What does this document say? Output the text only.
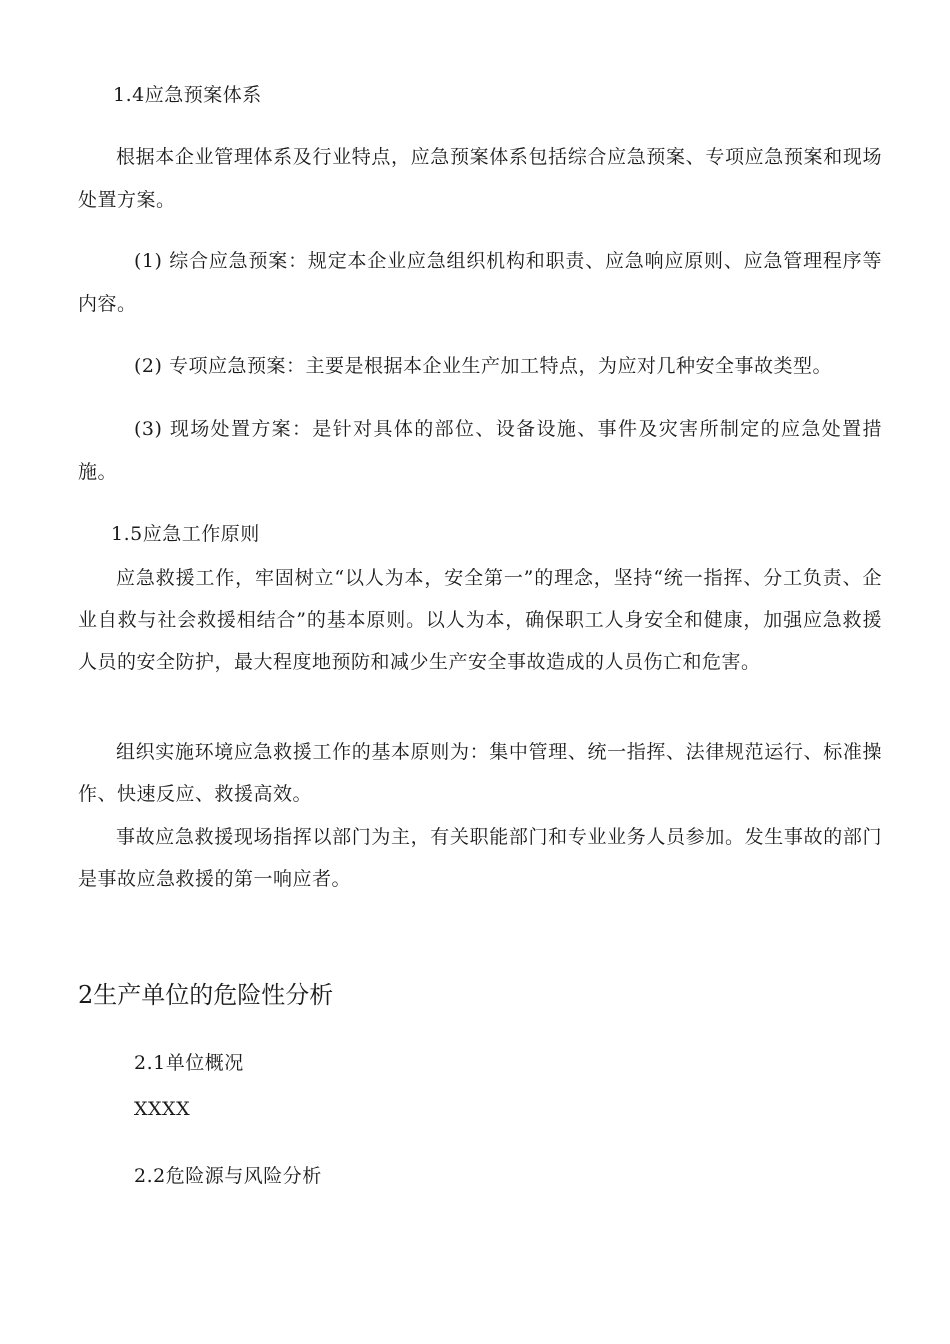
1.4应急预案体系

根据本企业管理体系及行业特点，应急预案体系包括综合应急预案、专项应急预案和现场处置方案。

(1) 综合应急预案：规定本企业应急组织机构和职责、应急响应原则、应急管理程序等内容。

(2) 专项应急预案：主要是根据本企业生产加工特点，为应对几种安全事故类型。

(3) 现场处置方案：是针对具体的部位、设备设施、事件及灾害所制定的应急处置措施。

1.5应急工作原则

应急救援工作，牢固树立“以人为本，安全第一”的理念，坚持“统一指挥、分工负责、企业自救与社会救援相结合”的基本原则。以人为本，确保职工人身安全和健康，加强应急救援人员的安全防护，最大程度地预防和减少生产安全事故造成的人员伤亡和危害。

组织实施环境应急救援工作的基本原则为：集中管理、统一指挥、法律规范运行、标准操作、快速反应、救援高效。

事故应急救援现场指挥以部门为主，有关职能部门和专业业务人员参加。发生事故的部门是事故应急救援的第一响应者。

2生产单位的危险性分析
2.1单位概况
XXXX
2.2危险源与风险分析
